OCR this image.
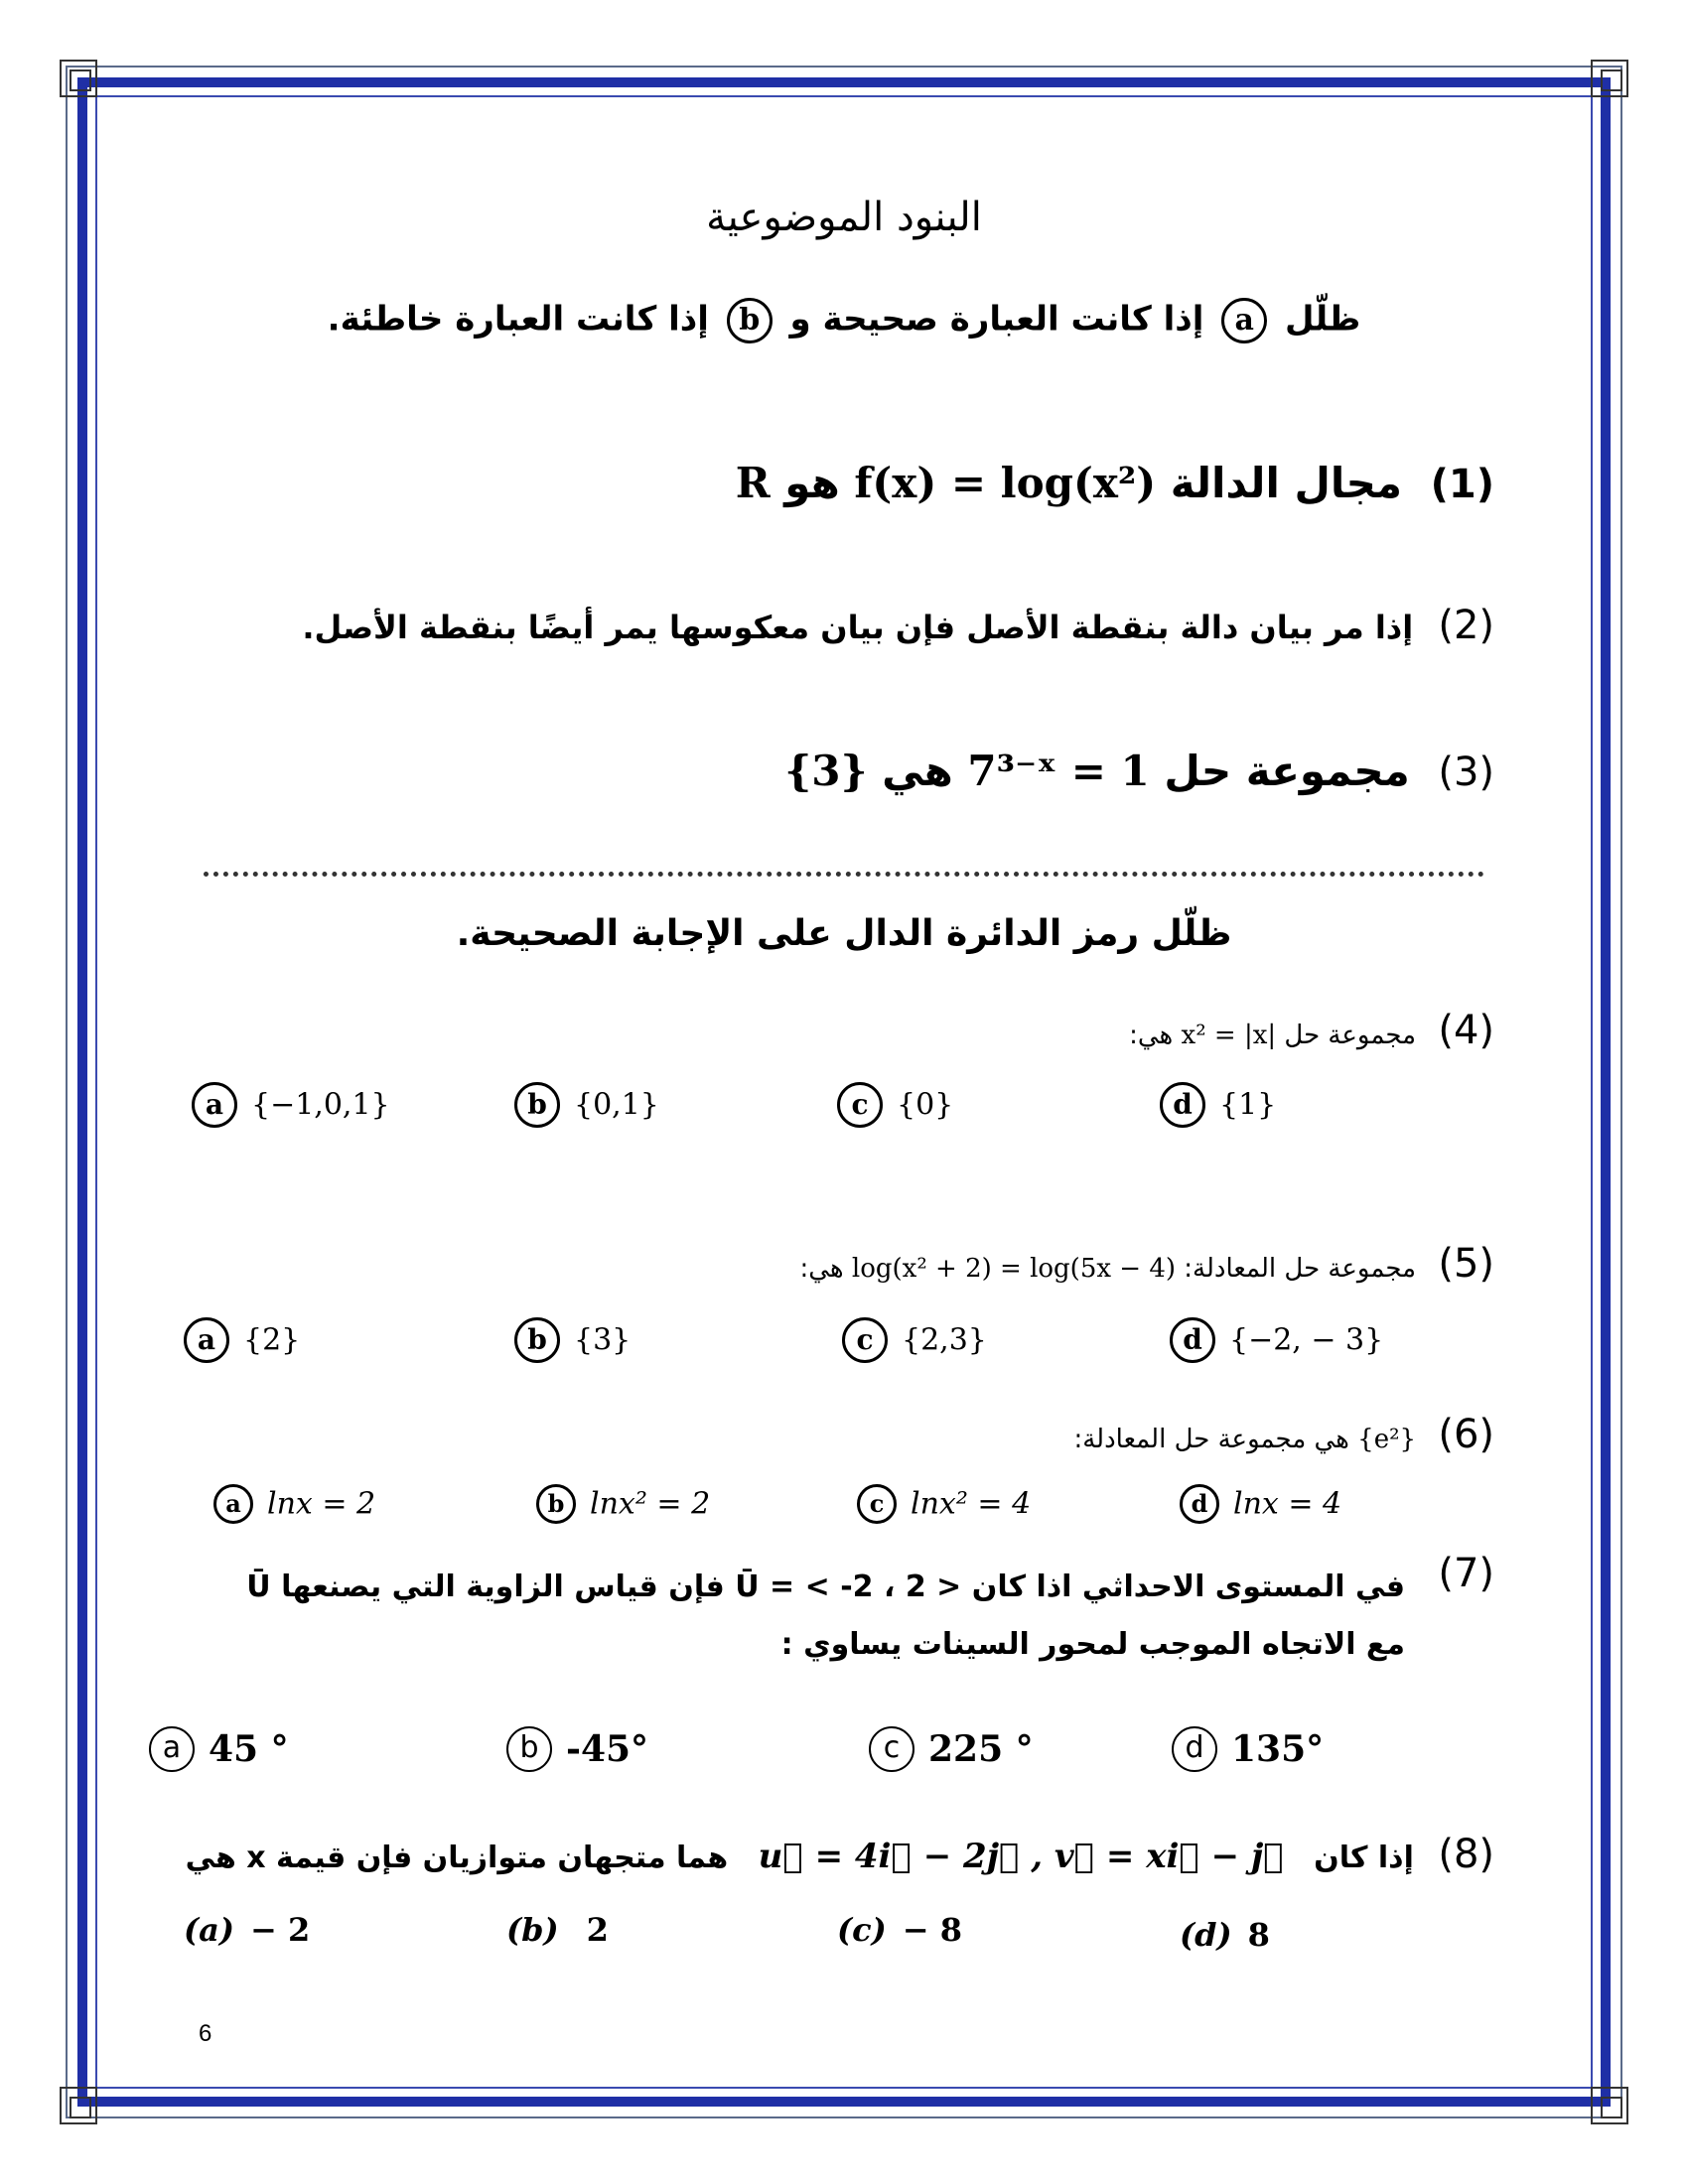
البنود الموضوعية
ظلّل a إذا كانت العبارة صحيحة و b إذا كانت العبارة خاطئة.
(1) مجال الدالة f(x) = log(x²) هو R
(2) إذا مر بيان دالة بنقطة الأصل فإن بيان معكوسها يمر أيضًا بنقطة الأصل.
(3) مجموعة حل 7³⁻ˣ = 1 هي {3}
ظلّل رمز الدائرة الدال على الإجابة الصحيحة.
(4) مجموعة حل x² = |x| هي:
a {−1,0,1}	b {0,1}	c {0}	d {1}
(5) مجموعة حل المعادلة: log(x² + 2) = log(5x − 4) هي:
a {2}	b {3}	c {2,3}	d {−2, − 3}
(6) {e²} هي مجموعة حل المعادلة:
a lnx = 2	b lnx² = 2	c lnx² = 4	d lnx = 4
(7)
في المستوى الاحداثي اذا كان < 2 ، 2- > = Ū فإن قياس الزاوية التي يصنعها Ū
مع الاتجاه الموجب لمحور السينات يساوي :
a 45 °	b -45°	c 225 °	d 135°
(8) إذا كان u⃗ = 4i⃗ − 2j⃗ , v⃗ = xi⃗ − j⃗ هما متجهان متوازيان فإن قيمة x هي
(a) − 2	(b) 2	(c) − 8	(d) 8
6
